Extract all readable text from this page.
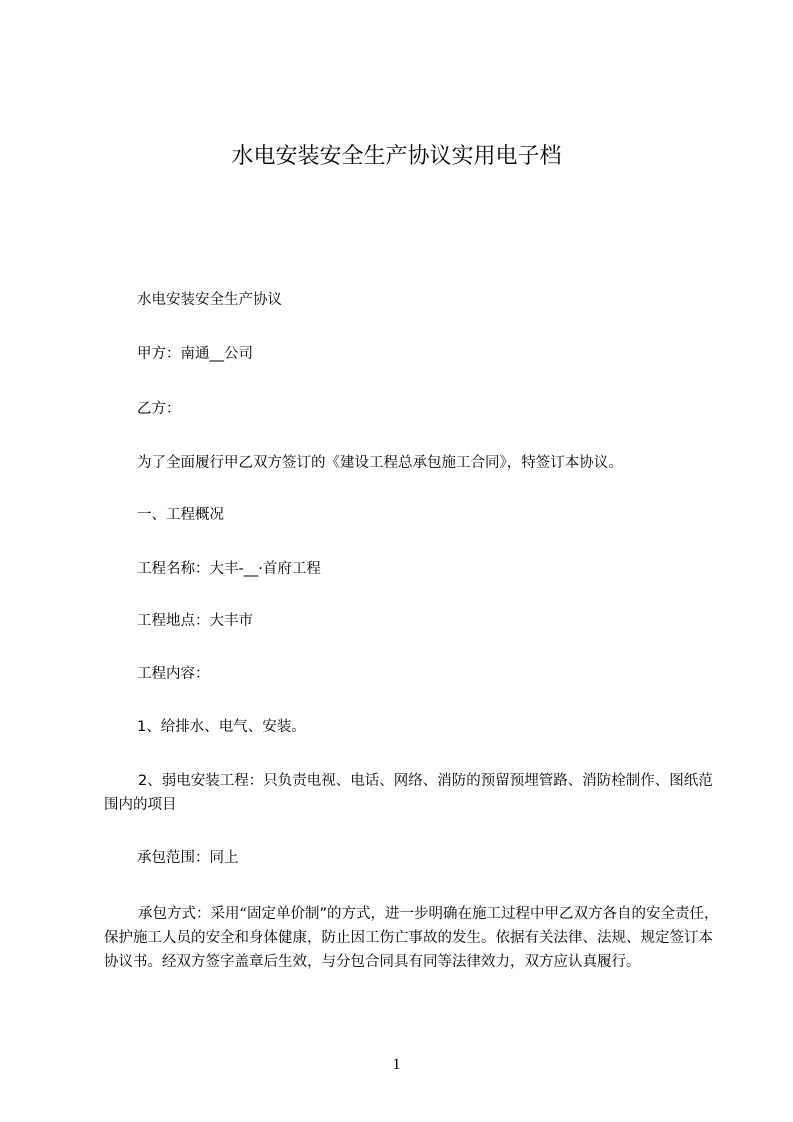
水电安装安全生产协议实用电子档
水电安装安全生产协议
甲方：南通__公司
乙方：
为了全面履行甲乙双方签订的《建设工程总承包施工合同》，特签订本协议。
一、工程概况
工程名称：大丰-__·首府工程
工程地点：大丰市
工程内容：
1、给排水、电气、安装。
2、弱电安装工程：只负责电视、电话、网络、消防的预留预埋管路、消防栓制作、图纸范围内的项目
承包范围：同上
承包方式：采用“固定单价制”的方式，进一步明确在施工过程中甲乙双方各自的安全责任，保护施工人员的安全和身体健康，防止因工伤亡事故的发生。依据有关法律、法规、规定签订本协议书。经双方签字盖章后生效，与分包合同具有同等法律效力，双方应认真履行。
1
